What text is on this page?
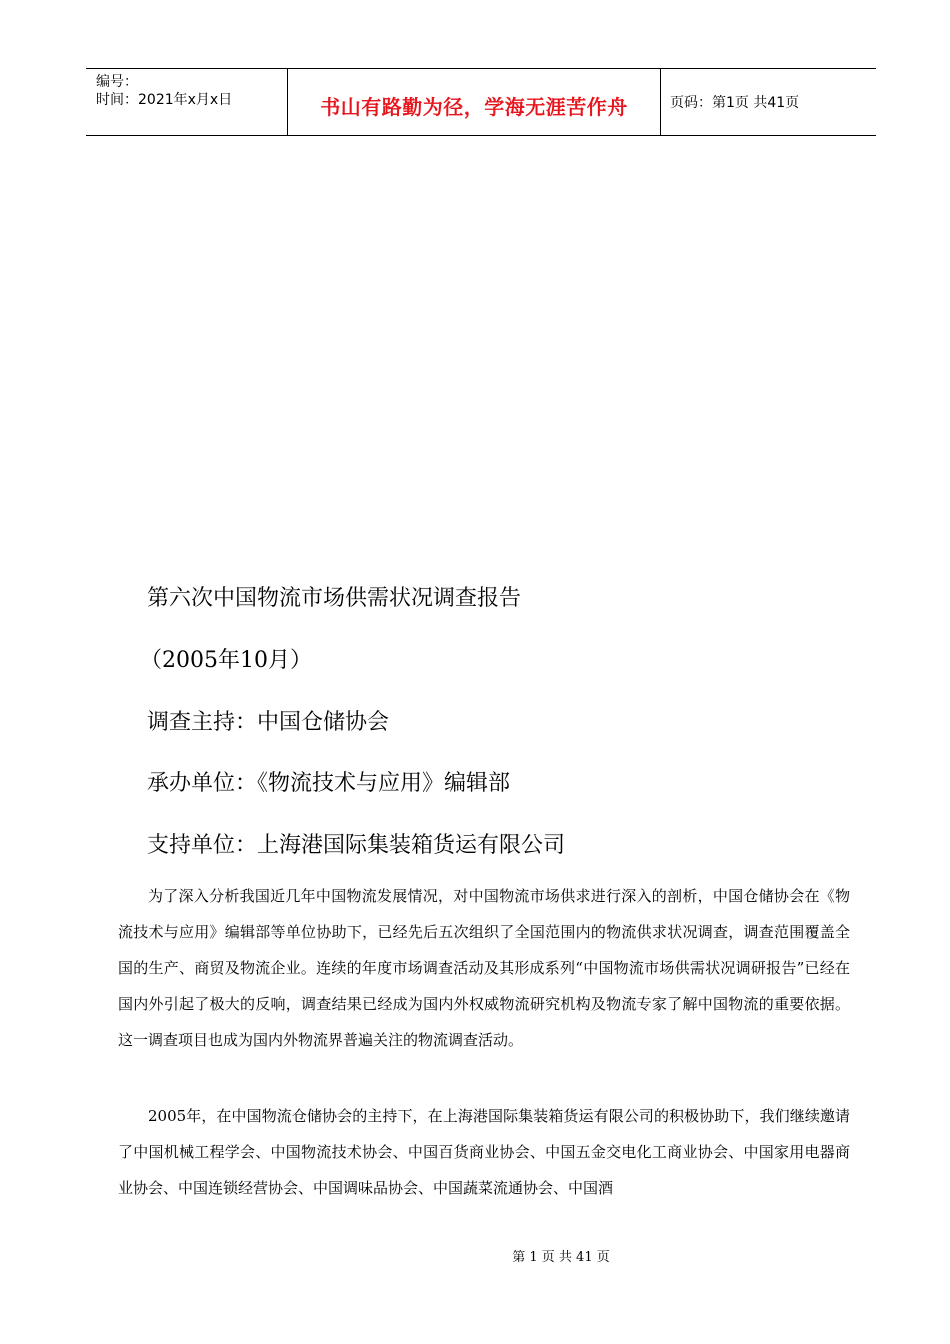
编号：
时间：2021年x月x日	书山有路勤为径，学海无涯苦作舟	页码：第1页 共41页
第六次中国物流市场供需状况调查报告
（2005年10月）
调查主持：中国仓储协会
承办单位：《物流技术与应用》编辑部
支持单位：上海港国际集装箱货运有限公司

为了深入分析我国近几年中国物流发展情况，对中国物流市场供求进行深入的剖析，中国仓储协会在《物流技术与应用》编辑部等单位协助下，已经先后五次组织了全国范围内的物流供求状况调查，调查范围覆盖全国的生产、商贸及物流企业。连续的年度市场调查活动及其形成系列“中国物流市场供需状况调研报告”已经在国内外引起了极大的反响，调查结果已经成为国内外权威物流研究机构及物流专家了解中国物流的重要依据。这一调查项目也成为国内外物流界普遍关注的物流调查活动。

2005年，在中国物流仓储协会的主持下，在上海港国际集装箱货运有限公司的积极协助下，我们继续邀请了中国机械工程学会、中国物流技术协会、中国百货商业协会、中国五金交电化工商业协会、中国家用电器商业协会、中国连锁经营协会、中国调味品协会、中国蔬菜流通协会、中国酒

第 1 页 共 41 页
